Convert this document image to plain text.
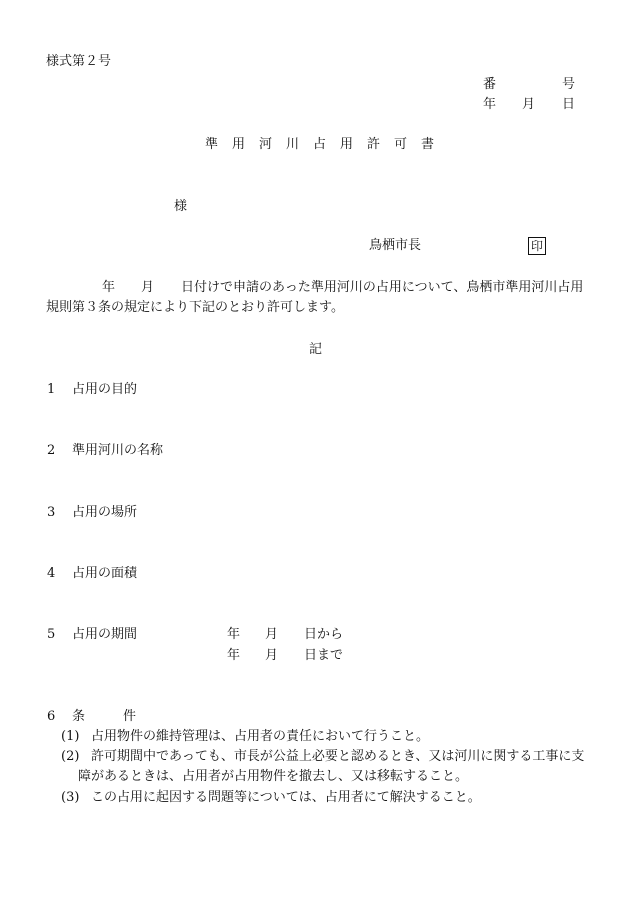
様式第２号
番	号
年 月 日
準 用 河 川 占 用 許 可 書
様
鳥栖市長	印
年 月 日付けで申請のあった準用河川の占用について、鳥栖市準用河川占用
規則第３条の規定により下記のとおり許可します。
記
1 占用の目的
2 準用河川の名称
3 占用の場所
4 占用の面積
5 占用の期間	年 月 日から
年 月 日まで
6 条	件
(1) 占用物件の維持管理は、占用者の責任において行うこと。
(2) 許可期間中であっても、市長が公益上必要と認めるとき、又は河川に関する工事に支
障があるときは、占用者が占用物件を撤去し、又は移転すること。
(3) この占用に起因する問題等については、占用者にて解決すること。
